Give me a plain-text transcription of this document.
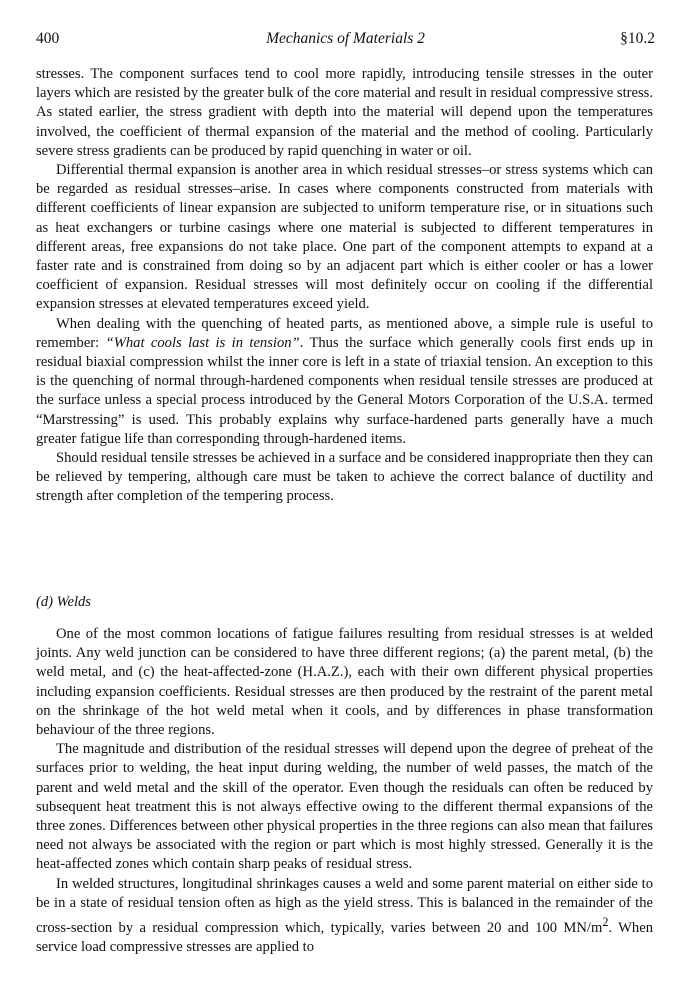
400	Mechanics of Materials 2	§10.2

stresses. The component surfaces tend to cool more rapidly, introducing tensile stresses in the outer layers which are resisted by the greater bulk of the core material and result in residual compressive stress. As stated earlier, the stress gradient with depth into the material will depend upon the temperatures involved, the coefficient of thermal expansion of the material and the method of cooling. Particularly severe stress gradients can be produced by rapid quenching in water or oil.

Differential thermal expansion is another area in which residual stresses–or stress systems which can be regarded as residual stresses–arise. In cases where components constructed from materials with different coefficients of linear expansion are subjected to uniform temperature rise, or in situations such as heat exchangers or turbine casings where one material is subjected to different temperatures in different areas, free expansions do not take place. One part of the component attempts to expand at a faster rate and is constrained from doing so by an adjacent part which is either cooler or has a lower coefficient of expansion. Residual stresses will most definitely occur on cooling if the differential expansion stresses at elevated temperatures exceed yield.

When dealing with the quenching of heated parts, as mentioned above, a simple rule is useful to remember: “What cools last is in tension”. Thus the surface which generally cools first ends up in residual biaxial compression whilst the inner core is left in a state of triaxial tension. An exception to this is the quenching of normal through-hardened components when residual tensile stresses are produced at the surface unless a special process introduced by the General Motors Corporation of the U.S.A. termed “Marstressing” is used. This probably explains why surface-hardened parts generally have a much greater fatigue life than corresponding through-hardened items.

Should residual tensile stresses be achieved in a surface and be considered inappropriate then they can be relieved by tempering, although care must be taken to achieve the correct balance of ductility and strength after completion of the tempering process.

(d) Welds

One of the most common locations of fatigue failures resulting from residual stresses is at welded joints. Any weld junction can be considered to have three different regions; (a) the parent metal, (b) the weld metal, and (c) the heat-affected-zone (H.A.Z.), each with their own different physical properties including expansion coefficients. Residual stresses are then produced by the restraint of the parent metal on the shrinkage of the hot weld metal when it cools, and by differences in phase transformation behaviour of the three regions.

The magnitude and distribution of the residual stresses will depend upon the degree of preheat of the surfaces prior to welding, the heat input during welding, the number of weld passes, the match of the parent and weld metal and the skill of the operator. Even though the residuals can often be reduced by subsequent heat treatment this is not always effective owing to the different thermal expansions of the three zones. Differences between other physical properties in the three regions can also mean that failures need not always be associated with the region or part which is most highly stressed. Generally it is the heat-affected zones which contain sharp peaks of residual stress.

In welded structures, longitudinal shrinkages causes a weld and some parent material on either side to be in a state of residual tension often as high as the yield stress. This is balanced in the remainder of the cross-section by a residual compression which, typically, varies between 20 and 100 $MN/m^2$. When service load compressive stresses are applied to
